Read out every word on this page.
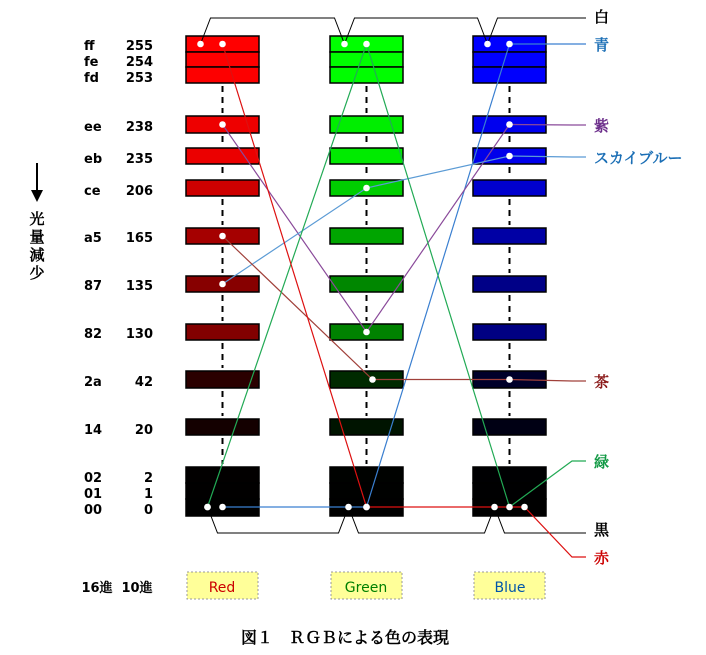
ff 255
fe 254
fd 253
ee 238
eb 235
ce 206
a5 165
87 135
82 130
2a	42
14	20
02	2
01	1
00	0
光
量
減
少
16進 10進	Red	Green	Blue
図１　ＲＧＢによる色の表現
白
青
紫
スカイブルー
茶
緑
黒
赤
